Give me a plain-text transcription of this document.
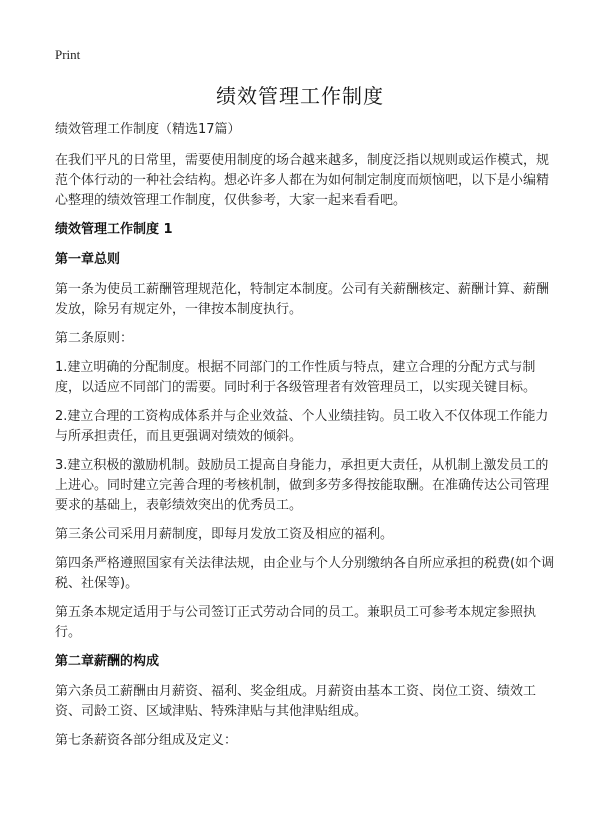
Print
绩效管理工作制度

绩效管理工作制度（精选17篇）

在我们平凡的日常里，需要使用制度的场合越来越多，制度泛指以规则或运作模式，规范个体行动的一种社会结构。想必许多人都在为如何制定制度而烦恼吧，以下是小编精心整理的绩效管理工作制度，仅供参考，大家一起来看看吧。

绩效管理工作制度 1

第一章总则

第一条为使员工薪酬管理规范化，特制定本制度。公司有关薪酬核定、薪酬计算、薪酬发放，除另有规定外，一律按本制度执行。

第二条原则：

1.建立明确的分配制度。根据不同部门的工作性质与特点，建立合理的分配方式与制度，以适应不同部门的需要。同时利于各级管理者有效管理员工，以实现关键目标。

2.建立合理的工资构成体系并与企业效益、个人业绩挂钩。员工收入不仅体现工作能力与所承担责任，而且更强调对绩效的倾斜。

3.建立积极的激励机制。鼓励员工提高自身能力，承担更大责任，从机制上激发员工的上进心。同时建立完善合理的考核机制，做到多劳多得按能取酬。在准确传达公司管理要求的基础上，表彰绩效突出的优秀员工。

第三条公司采用月薪制度，即每月发放工资及相应的福利。

第四条严格遵照国家有关法律法规，由企业与个人分别缴纳各自所应承担的税费(如个调税、社保等)。

第五条本规定适用于与公司签订正式劳动合同的员工。兼职员工可参考本规定参照执行。

第二章薪酬的构成

第六条员工薪酬由月薪资、福利、奖金组成。月薪资由基本工资、岗位工资、绩效工资、司龄工资、区域津贴、特殊津贴与其他津贴组成。

第七条薪资各部分组成及定义：
